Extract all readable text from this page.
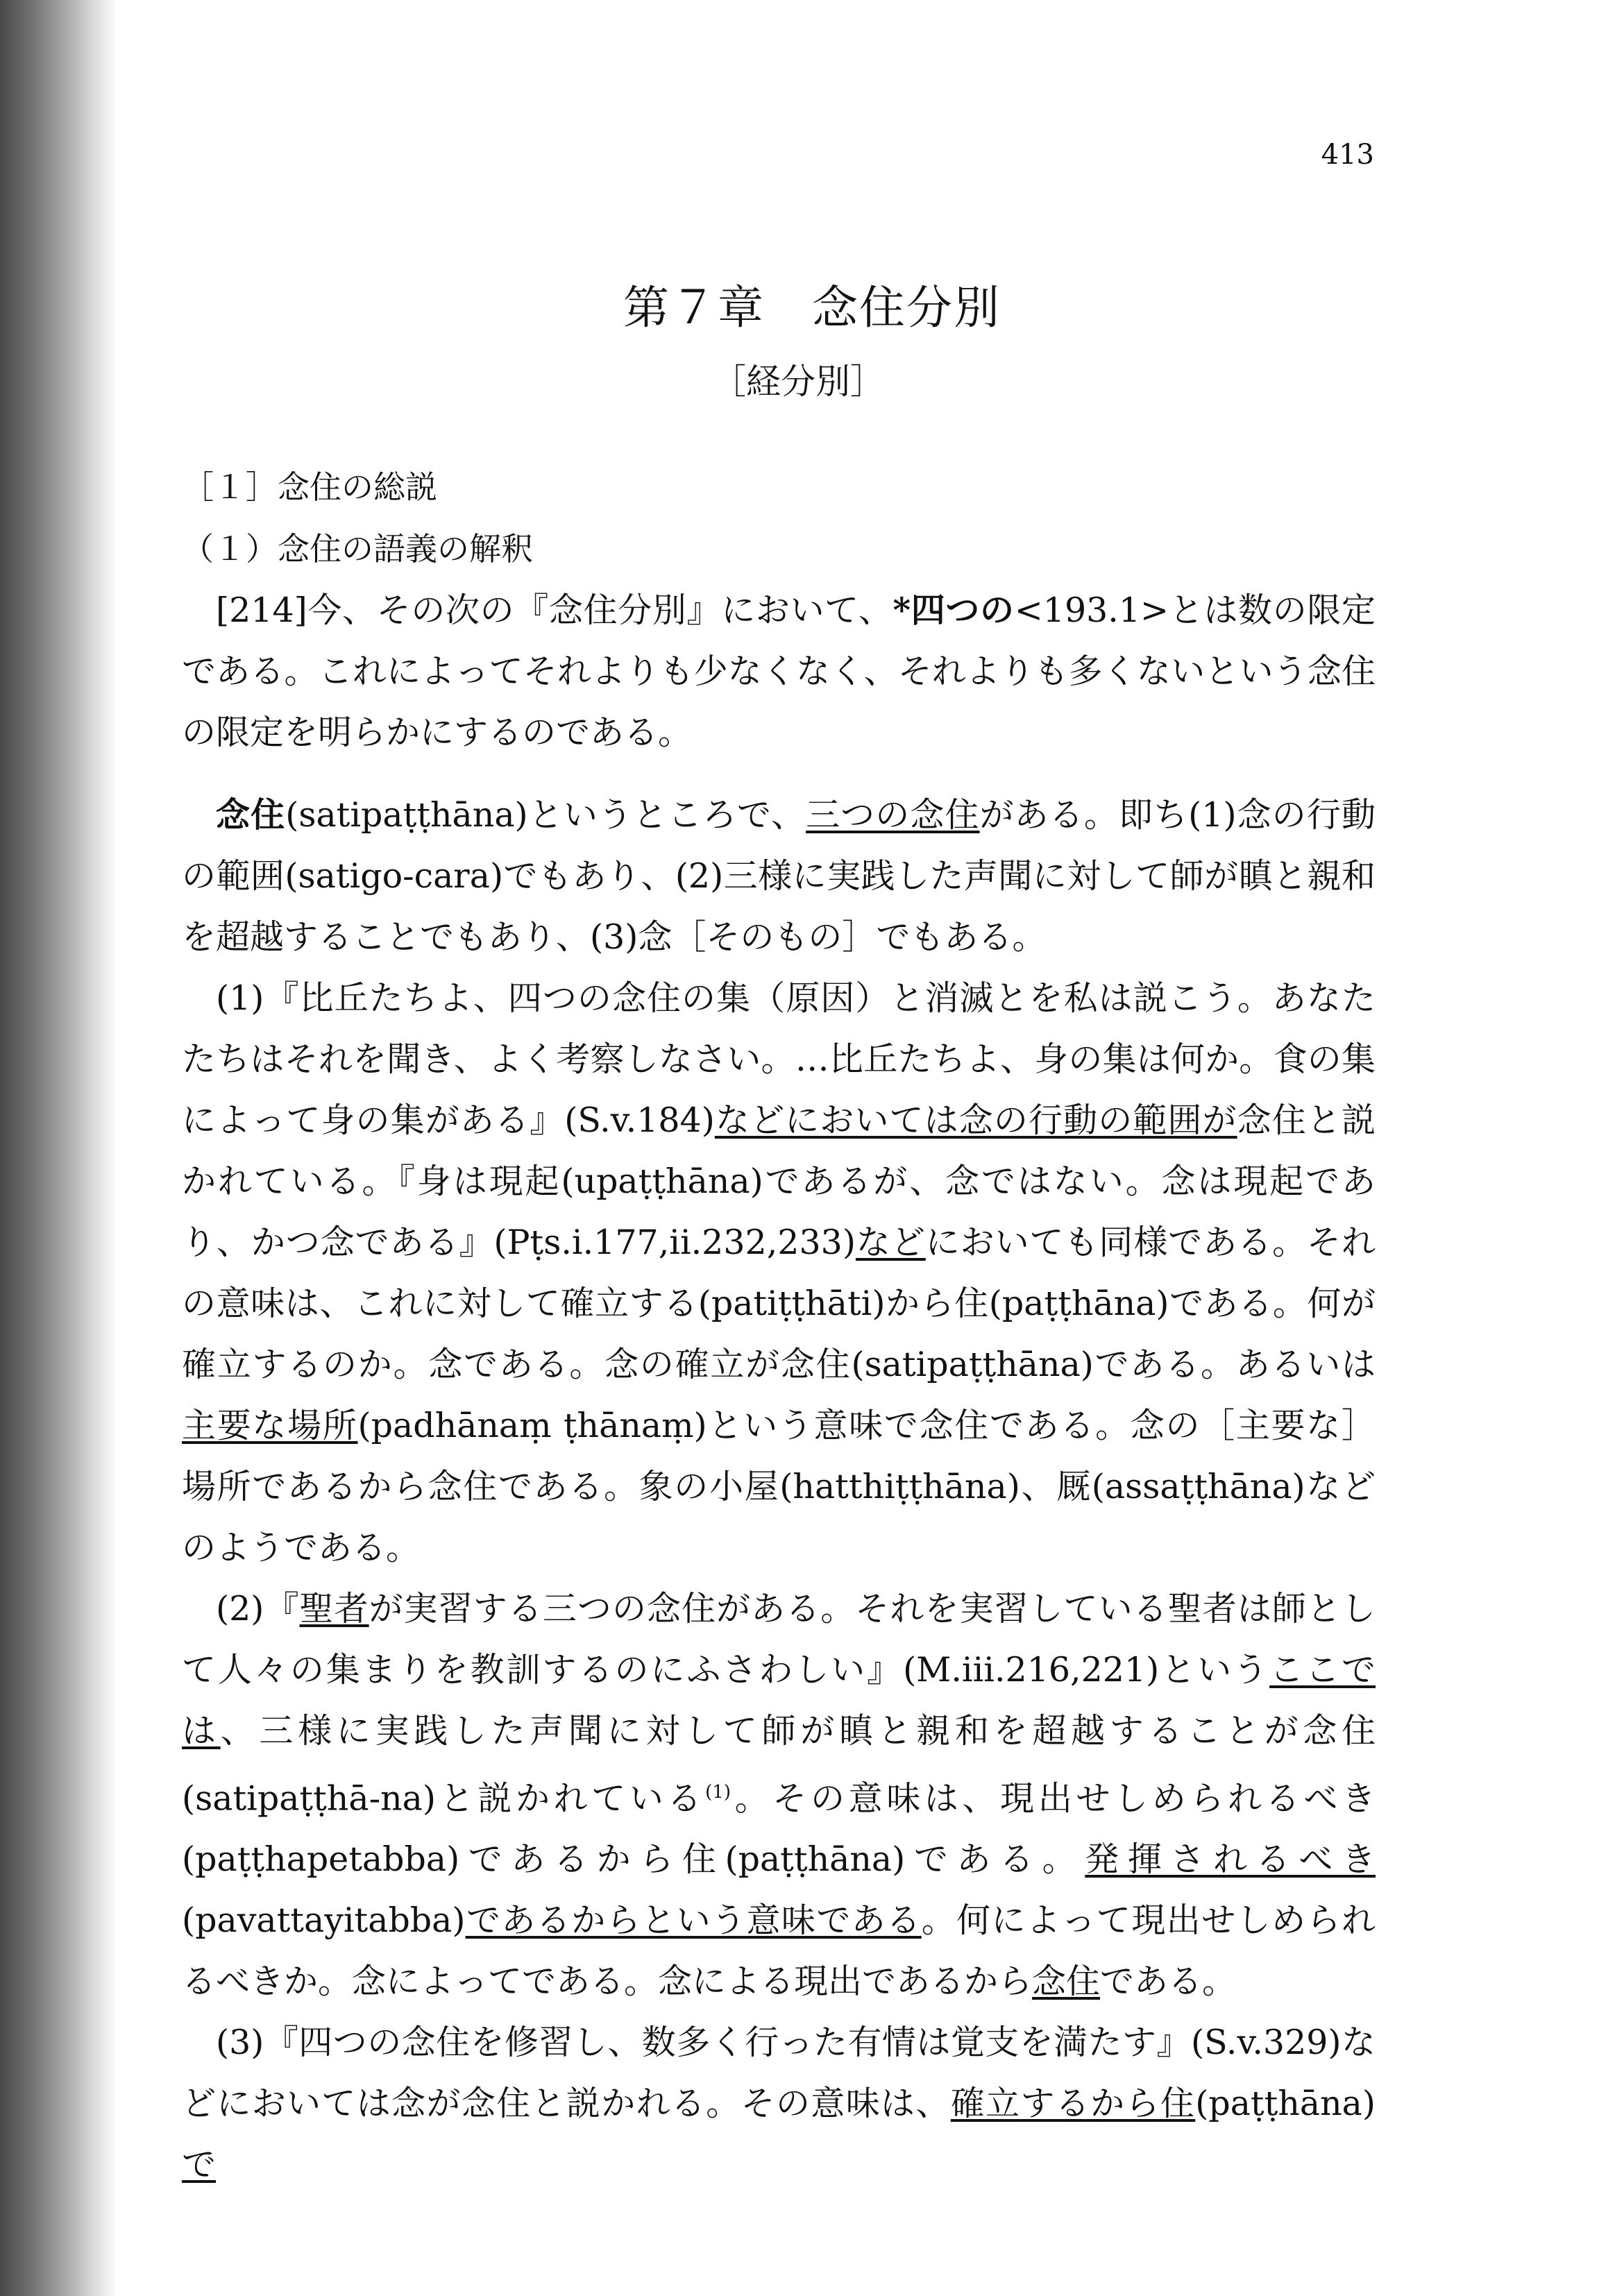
413
第７章　念住分別
［経分別］
［１］念住の総説
（１）念住の語義の解釈

[214]今、その次の『念住分別』において、*四つの<193.1>とは数の限定である。これによってそれよりも少なくなく、それよりも多くないという念住の限定を明らかにするのである。

念住(satipaṭṭhāna)というところで、三つの念住がある。即ち(1)念の行動の範囲(satigo-cara)でもあり、(2)三様に実践した声聞に対して師が瞋と親和を超越することでもあり、(3)念［そのもの］でもある。

(1)『比丘たちよ、四つの念住の集（原因）と消滅とを私は説こう。あなたたちはそれを聞き、よく考察しなさい。…比丘たちよ、身の集は何か。食の集によって身の集がある』(S.v.184)などにおいては念の行動の範囲が念住と説かれている。『身は現起(upaṭṭhāna)であるが、念ではない。念は現起であり、かつ念である』(Pṭs.i.177,ii.232,233)などにおいても同様である。それの意味は、これに対して確立する(patiṭṭhāti)から住(paṭṭhāna)である。何が確立するのか。念である。念の確立が念住(satipaṭṭhāna)である。あるいは主要な場所(padhānaṃ ṭhānaṃ)という意味で念住である。念の［主要な］場所であるから念住である。象の小屋(hatthiṭṭhāna)、厩(assaṭṭhāna)などのようである。

(2)『聖者が実習する三つの念住がある。それを実習している聖者は師として人々の集まりを教訓するのにふさわしい』(M.iii.216,221)というここでは、三様に実践した声聞に対して師が瞋と親和を超越することが念住(satipaṭṭhā-na)と説かれている$^{(1)}$。その意味は、現出せしめられるべき(paṭṭhapetabba)であるから住(paṭṭhāna)である。発揮されるべき(pavattayitabba)であるからという意味である。何によって現出せしめられるべきか。念によってである。念による現出であるから念住である。

(3)『四つの念住を修習し、数多く行った有情は覚支を満たす』(S.v.329)などにおいては念が念住と説かれる。その意味は、確立するから住(paṭṭhāna)で
